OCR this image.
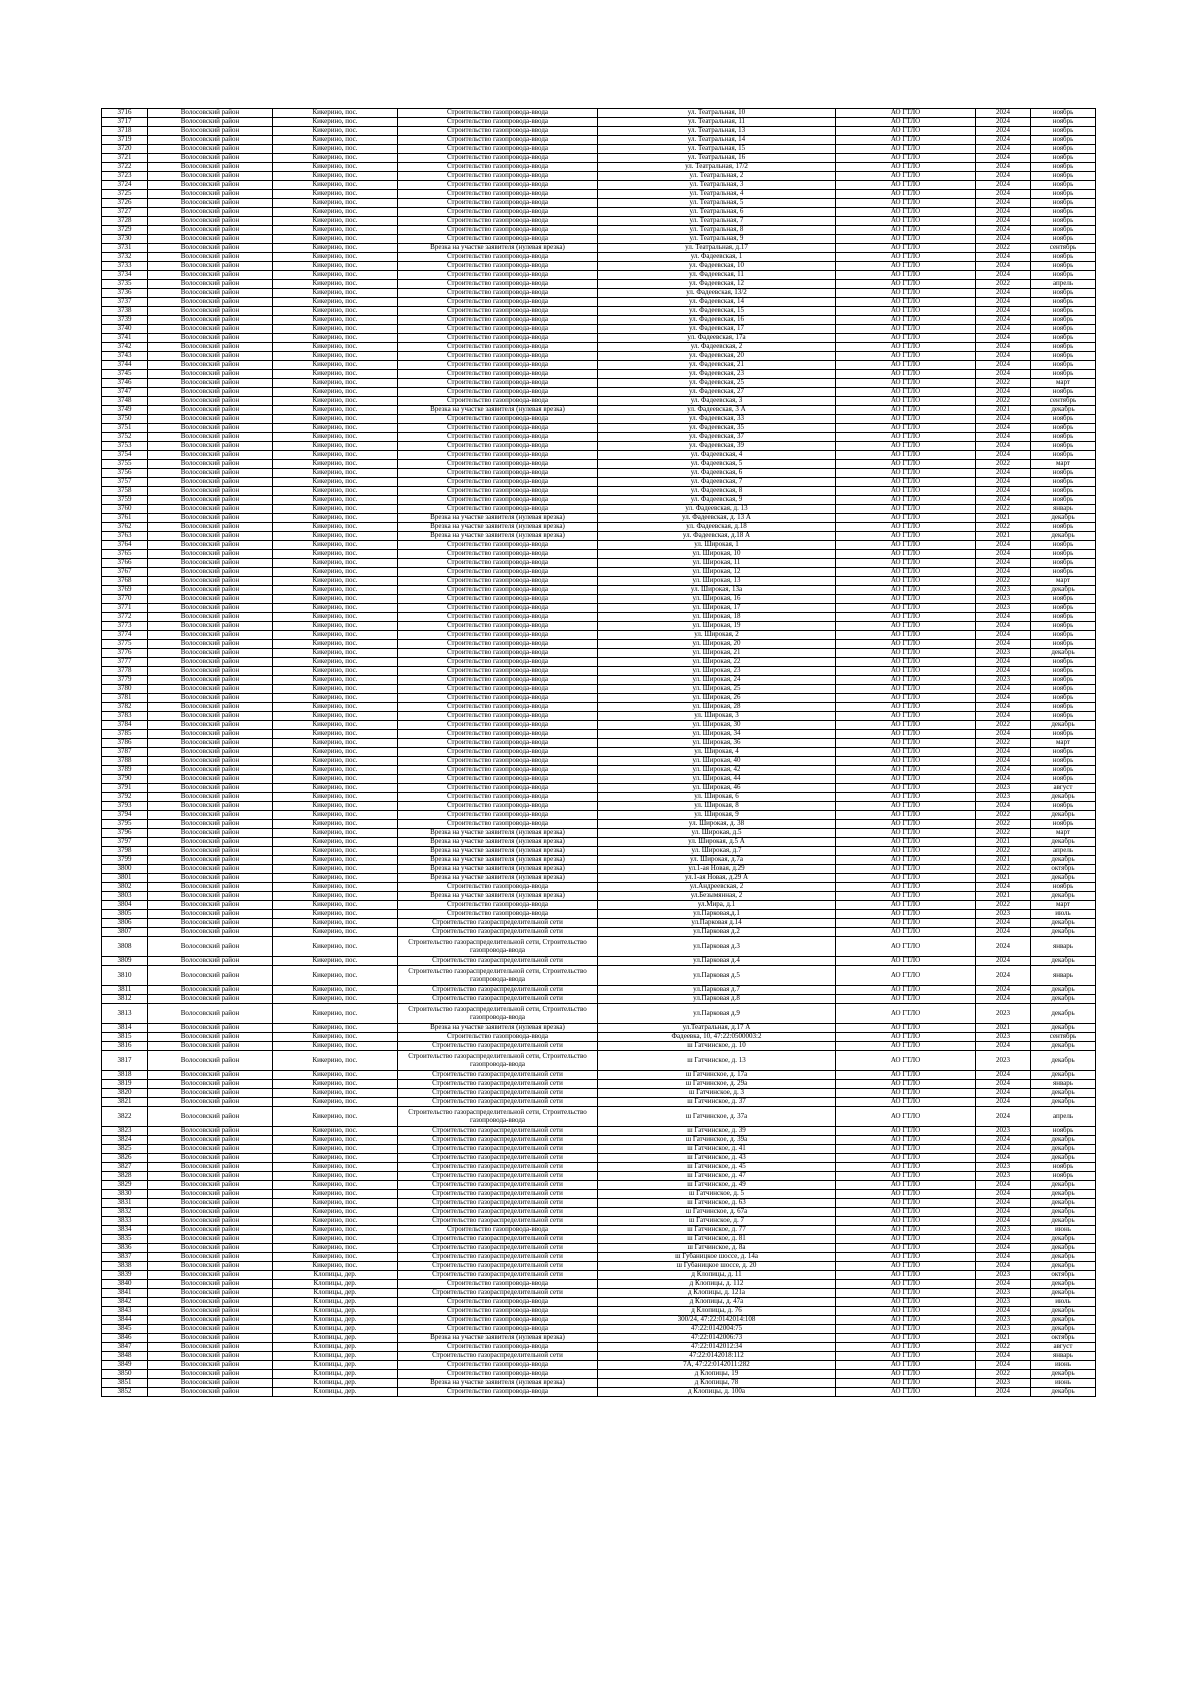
3716	Волосовский район	Кикерино, пос.	Строительство газопровода-ввода	ул. Театральная, 10	АО ГТЛО	2024	ноябрь
3717	Волосовский район	Кикерино, пос.	Строительство газопровода-ввода	ул. Театральная, 11	АО ГТЛО	2024	ноябрь
3718	Волосовский район	Кикерино, пос.	Строительство газопровода-ввода	ул. Театральная, 13	АО ГТЛО	2024	ноябрь
3719	Волосовский район	Кикерино, пос.	Строительство газопровода-ввода	ул. Театральная, 14	АО ГТЛО	2024	ноябрь
3720	Волосовский район	Кикерино, пос.	Строительство газопровода-ввода	ул. Театральная, 15	АО ГТЛО	2024	ноябрь
3721	Волосовский район	Кикерино, пос.	Строительство газопровода-ввода	ул. Театральная, 16	АО ГТЛО	2024	ноябрь
3722	Волосовский район	Кикерино, пос.	Строительство газопровода-ввода	ул. Театральная, 17/2	АО ГТЛО	2024	ноябрь
3723	Волосовский район	Кикерино, пос.	Строительство газопровода-ввода	ул. Театральная, 2	АО ГТЛО	2024	ноябрь
3724	Волосовский район	Кикерино, пос.	Строительство газопровода-ввода	ул. Театральная, 3	АО ГТЛО	2024	ноябрь
3725	Волосовский район	Кикерино, пос.	Строительство газопровода-ввода	ул. Театральная, 4	АО ГТЛО	2024	ноябрь
3726	Волосовский район	Кикерино, пос.	Строительство газопровода-ввода	ул. Театральная, 5	АО ГТЛО	2024	ноябрь
3727	Волосовский район	Кикерино, пос.	Строительство газопровода-ввода	ул. Театральная, 6	АО ГТЛО	2024	ноябрь
3728	Волосовский район	Кикерино, пос.	Строительство газопровода-ввода	ул. Театральная, 7	АО ГТЛО	2024	ноябрь
3729	Волосовский район	Кикерино, пос.	Строительство газопровода-ввода	ул. Театральная, 8	АО ГТЛО	2024	ноябрь
3730	Волосовский район	Кикерино, пос.	Строительство газопровода-ввода	ул. Театральная, 9	АО ГТЛО	2024	ноябрь
3731	Волосовский район	Кикерино, пос.	Врезка на участке заявителя (нулевая врезка)	ул. Театральная, д.17	АО ГТЛО	2022	сентябрь
3732	Волосовский район	Кикерино, пос.	Строительство газопровода-ввода	ул. Фадеевская, 1	АО ГТЛО	2024	ноябрь
3733	Волосовский район	Кикерино, пос.	Строительство газопровода-ввода	ул. Фадеевская, 10	АО ГТЛО	2024	ноябрь
3734	Волосовский район	Кикерино, пос.	Строительство газопровода-ввода	ул. Фадеевская, 11	АО ГТЛО	2024	ноябрь
3735	Волосовский район	Кикерино, пос.	Строительство газопровода-ввода	ул. Фадеевская, 12	АО ГТЛО	2022	апрель
3736	Волосовский район	Кикерино, пос.	Строительство газопровода-ввода	ул. Фадеевская, 13/2	АО ГТЛО	2024	ноябрь
3737	Волосовский район	Кикерино, пос.	Строительство газопровода-ввода	ул. Фадеевская, 14	АО ГТЛО	2024	ноябрь
3738	Волосовский район	Кикерино, пос.	Строительство газопровода-ввода	ул. Фадеевская, 15	АО ГТЛО	2024	ноябрь
3739	Волосовский район	Кикерино, пос.	Строительство газопровода-ввода	ул. Фадеевская, 16	АО ГТЛО	2024	ноябрь
3740	Волосовский район	Кикерино, пос.	Строительство газопровода-ввода	ул. Фадеевская, 17	АО ГТЛО	2024	ноябрь
3741	Волосовский район	Кикерино, пос.	Строительство газопровода-ввода	ул. Фадеевская, 17а	АО ГТЛО	2024	ноябрь
3742	Волосовский район	Кикерино, пос.	Строительство газопровода-ввода	ул. Фадеевская, 2	АО ГТЛО	2024	ноябрь
3743	Волосовский район	Кикерино, пос.	Строительство газопровода-ввода	ул. Фадеевская, 20	АО ГТЛО	2024	ноябрь
3744	Волосовский район	Кикерино, пос.	Строительство газопровода-ввода	ул. Фадеевская, 21	АО ГТЛО	2024	ноябрь
3745	Волосовский район	Кикерино, пос.	Строительство газопровода-ввода	ул. Фадеевская, 23	АО ГТЛО	2024	ноябрь
3746	Волосовский район	Кикерино, пос.	Строительство газопровода-ввода	ул. Фадеевская, 25	АО ГТЛО	2022	март
3747	Волосовский район	Кикерино, пос.	Строительство газопровода-ввода	ул. Фадеевская, 27	АО ГТЛО	2024	ноябрь
3748	Волосовский район	Кикерино, пос.	Строительство газопровода-ввода	ул. Фадеевская, 3	АО ГТЛО	2022	сентябрь
3749	Волосовский район	Кикерино, пос.	Врезка на участке заявителя (нулевая врезка)	ул. Фадеевская, 3 А	АО ГТЛО	2021	декабрь
3750	Волосовский район	Кикерино, пос.	Строительство газопровода-ввода	ул. Фадеевская, 33	АО ГТЛО	2024	ноябрь
3751	Волосовский район	Кикерино, пос.	Строительство газопровода-ввода	ул. Фадеевская, 35	АО ГТЛО	2024	ноябрь
3752	Волосовский район	Кикерино, пос.	Строительство газопровода-ввода	ул. Фадеевская, 37	АО ГТЛО	2024	ноябрь
3753	Волосовский район	Кикерино, пос.	Строительство газопровода-ввода	ул. Фадеевская, 39	АО ГТЛО	2024	ноябрь
3754	Волосовский район	Кикерино, пос.	Строительство газопровода-ввода	ул. Фадеевская, 4	АО ГТЛО	2024	ноябрь
3755	Волосовский район	Кикерино, пос.	Строительство газопровода-ввода	ул. Фадеевская, 5	АО ГТЛО	2022	март
3756	Волосовский район	Кикерино, пос.	Строительство газопровода-ввода	ул. Фадеевская, 6	АО ГТЛО	2024	ноябрь
3757	Волосовский район	Кикерино, пос.	Строительство газопровода-ввода	ул. Фадеевская, 7	АО ГТЛО	2024	ноябрь
3758	Волосовский район	Кикерино, пос.	Строительство газопровода-ввода	ул. Фадеевская, 8	АО ГТЛО	2024	ноябрь
3759	Волосовский район	Кикерино, пос.	Строительство газопровода-ввода	ул. Фадеевская, 9	АО ГТЛО	2024	ноябрь
3760	Волосовский район	Кикерино, пос.	Строительство газопровода-ввода	ул. Фадеевская, д. 13	АО ГТЛО	2022	январь
3761	Волосовский район	Кикерино, пос.	Врезка на участке заявителя (нулевая врезка)	ул. Фадеевская, д. 13 А	АО ГТЛО	2021	декабрь
3762	Волосовский район	Кикерино, пос.	Врезка на участке заявителя (нулевая врезка)	ул. Фадеевская, д.18	АО ГТЛО	2022	ноябрь
3763	Волосовский район	Кикерино, пос.	Врезка на участке заявителя (нулевая врезка)	ул. Фадеевская, д.18 А	АО ГТЛО	2021	декабрь
3764	Волосовский район	Кикерино, пос.	Строительство газопровода-ввода	ул. Широкая, 1	АО ГТЛО	2024	ноябрь
3765	Волосовский район	Кикерино, пос.	Строительство газопровода-ввода	ул. Широкая, 10	АО ГТЛО	2024	ноябрь
3766	Волосовский район	Кикерино, пос.	Строительство газопровода-ввода	ул. Широкая, 11	АО ГТЛО	2024	ноябрь
3767	Волосовский район	Кикерино, пос.	Строительство газопровода-ввода	ул. Широкая, 12	АО ГТЛО	2024	ноябрь
3768	Волосовский район	Кикерино, пос.	Строительство газопровода-ввода	ул. Широкая, 13	АО ГТЛО	2022	март
3769	Волосовский район	Кикерино, пос.	Строительство газопровода-ввода	ул. Широкая, 13а	АО ГТЛО	2023	декабрь
3770	Волосовский район	Кикерино, пос.	Строительство газопровода-ввода	ул. Широкая, 16	АО ГТЛО	2023	ноябрь
3771	Волосовский район	Кикерино, пос.	Строительство газопровода-ввода	ул. Широкая, 17	АО ГТЛО	2023	ноябрь
3772	Волосовский район	Кикерино, пос.	Строительство газопровода-ввода	ул. Широкая, 18	АО ГТЛО	2024	ноябрь
3773	Волосовский район	Кикерино, пос.	Строительство газопровода-ввода	ул. Широкая, 19	АО ГТЛО	2024	ноябрь
3774	Волосовский район	Кикерино, пос.	Строительство газопровода-ввода	ул. Широкая, 2	АО ГТЛО	2024	ноябрь
3775	Волосовский район	Кикерино, пос.	Строительство газопровода-ввода	ул. Широкая, 20	АО ГТЛО	2024	ноябрь
3776	Волосовский район	Кикерино, пос.	Строительство газопровода-ввода	ул. Широкая, 21	АО ГТЛО	2023	декабрь
3777	Волосовский район	Кикерино, пос.	Строительство газопровода-ввода	ул. Широкая, 22	АО ГТЛО	2024	ноябрь
3778	Волосовский район	Кикерино, пос.	Строительство газопровода-ввода	ул. Широкая, 23	АО ГТЛО	2024	ноябрь
3779	Волосовский район	Кикерино, пос.	Строительство газопровода-ввода	ул. Широкая, 24	АО ГТЛО	2023	ноябрь
3780	Волосовский район	Кикерино, пос.	Строительство газопровода-ввода	ул. Широкая, 25	АО ГТЛО	2024	ноябрь
3781	Волосовский район	Кикерино, пос.	Строительство газопровода-ввода	ул. Широкая, 26	АО ГТЛО	2024	ноябрь
3782	Волосовский район	Кикерино, пос.	Строительство газопровода-ввода	ул. Широкая, 28	АО ГТЛО	2024	ноябрь
3783	Волосовский район	Кикерино, пос.	Строительство газопровода-ввода	ул. Широкая, 3	АО ГТЛО	2024	ноябрь
3784	Волосовский район	Кикерино, пос.	Строительство газопровода-ввода	ул. Широкая, 30	АО ГТЛО	2022	декабрь
3785	Волосовский район	Кикерино, пос.	Строительство газопровода-ввода	ул. Широкая, 34	АО ГТЛО	2024	ноябрь
3786	Волосовский район	Кикерино, пос.	Строительство газопровода-ввода	ул. Широкая, 36	АО ГТЛО	2022	март
3787	Волосовский район	Кикерино, пос.	Строительство газопровода-ввода	ул. Широкая, 4	АО ГТЛО	2024	ноябрь
3788	Волосовский район	Кикерино, пос.	Строительство газопровода-ввода	ул. Широкая, 40	АО ГТЛО	2024	ноябрь
3789	Волосовский район	Кикерино, пос.	Строительство газопровода-ввода	ул. Широкая, 42	АО ГТЛО	2024	ноябрь
3790	Волосовский район	Кикерино, пос.	Строительство газопровода-ввода	ул. Широкая, 44	АО ГТЛО	2024	ноябрь
3791	Волосовский район	Кикерино, пос.	Строительство газопровода-ввода	ул. Широкая, 46	АО ГТЛО	2023	август
3792	Волосовский район	Кикерино, пос.	Строительство газопровода-ввода	ул. Широкая, 6	АО ГТЛО	2023	декабрь
3793	Волосовский район	Кикерино, пос.	Строительство газопровода-ввода	ул. Широкая, 8	АО ГТЛО	2024	ноябрь
3794	Волосовский район	Кикерино, пос.	Строительство газопровода-ввода	ул. Широкая, 9	АО ГТЛО	2022	декабрь
3795	Волосовский район	Кикерино, пос.	Строительство газопровода-ввода	ул. Широкая, д. 38	АО ГТЛО	2022	ноябрь
3796	Волосовский район	Кикерино, пос.	Врезка на участке заявителя (нулевая врезка)	ул. Широкая, д.5	АО ГТЛО	2022	март
3797	Волосовский район	Кикерино, пос.	Врезка на участке заявителя (нулевая врезка)	ул. Широкая, д.5 А	АО ГТЛО	2021	декабрь
3798	Волосовский район	Кикерино, пос.	Врезка на участке заявителя (нулевая врезка)	ул. Широкая, д.7	АО ГТЛО	2022	апрель
3799	Волосовский район	Кикерино, пос.	Врезка на участке заявителя (нулевая врезка)	ул. Широкая, д.7а	АО ГТЛО	2021	декабрь
3800	Волосовский район	Кикерино, пос.	Врезка на участке заявителя (нулевая врезка)	ул.1-ая Новая, д.29	АО ГТЛО	2022	октябрь
3801	Волосовский район	Кикерино, пос.	Врезка на участке заявителя (нулевая врезка)	ул.1-ая Новая, д.29 А	АО ГТЛО	2021	декабрь
3802	Волосовский район	Кикерино, пос.	Строительство газопровода-ввода	ул.Андреевская, 2	АО ГТЛО	2024	ноябрь
3803	Волосовский район	Кикерино, пос.	Врезка на участке заявителя (нулевая врезка)	ул.Безымянная, 2	АО ГТЛО	2021	декабрь
3804	Волосовский район	Кикерино, пос.	Строительство газопровода-ввода	ул.Мира, д.1	АО ГТЛО	2022	март
3805	Волосовский район	Кикерино, пос.	Строительство газопровода-ввода	ул.Парковая,д.1	АО ГТЛО	2023	июль
3806	Волосовский район	Кикерино, пос.	Строительство газораспределительной сети	ул.Парковая д.14	АО ГТЛО	2024	декабрь
3807	Волосовский район	Кикерино, пос.	Строительство газораспределительной сети	ул.Парковая д.2	АО ГТЛО	2024	декабрь
3808	Волосовский район	Кикерино, пос.	Строительство газораспределительной сети, Строительство газопровода-ввода	ул.Парковая д.3	АО ГТЛО	2024	январь
3809	Волосовский район	Кикерино, пос.	Строительство газораспределительной сети	ул.Парковая д.4	АО ГТЛО	2024	декабрь
3810	Волосовский район	Кикерино, пос.	Строительство газораспределительной сети, Строительство газопровода-ввода	ул.Парковая д.5	АО ГТЛО	2024	январь
3811	Волосовский район	Кикерино, пос.	Строительство газораспределительной сети	ул.Парковая д.7	АО ГТЛО	2024	декабрь
3812	Волосовский район	Кикерино, пос.	Строительство газораспределительной сети	ул.Парковая д.8	АО ГТЛО	2024	декабрь
3813	Волосовский район	Кикерино, пос.	Строительство газораспределительной сети, Строительство газопровода-ввода	ул.Парковая д.9	АО ГТЛО	2023	декабрь
3814	Волосовский район	Кикерино, пос.	Врезка на участке заявителя (нулевая врезка)	ул.Театральная, д.17 А	АО ГТЛО	2021	декабрь
3815	Волосовский район	Кикерино, пос.	Строительство газопровода-ввода	Фадеевка, 10, 47:22:0500003:2	АО ГТЛО	2023	сентябрь
3816	Волосовский район	Кикерино, пос.	Строительство газораспределительной сети	ш Гатчинское, д. 10	АО ГТЛО	2024	декабрь
3817	Волосовский район	Кикерино, пос.	Строительство газораспределительной сети, Строительство газопровода-ввода	ш Гатчинское, д. 13	АО ГТЛО	2023	декабрь
3818	Волосовский район	Кикерино, пос.	Строительство газораспределительной сети	ш Гатчинское, д. 17а	АО ГТЛО	2024	декабрь
3819	Волосовский район	Кикерино, пос.	Строительство газораспределительной сети	ш Гатчинское, д. 29а	АО ГТЛО	2024	январь
3820	Волосовский район	Кикерино, пос.	Строительство газораспределительной сети	ш Гатчинское, д. 3	АО ГТЛО	2024	декабрь
3821	Волосовский район	Кикерино, пос.	Строительство газораспределительной сети	ш Гатчинское, д. 37	АО ГТЛО	2024	декабрь
3822	Волосовский район	Кикерино, пос.	Строительство газораспределительной сети, Строительство газопровода-ввода	ш Гатчинское, д. 37а	АО ГТЛО	2024	апрель
3823	Волосовский район	Кикерино, пос.	Строительство газораспределительной сети	ш Гатчинское, д. 39	АО ГТЛО	2023	ноябрь
3824	Волосовский район	Кикерино, пос.	Строительство газораспределительной сети	ш Гатчинское, д. 39а	АО ГТЛО	2024	декабрь
3825	Волосовский район	Кикерино, пос.	Строительство газораспределительной сети	ш Гатчинское, д. 41	АО ГТЛО	2024	декабрь
3826	Волосовский район	Кикерино, пос.	Строительство газораспределительной сети	ш Гатчинское, д. 43	АО ГТЛО	2024	декабрь
3827	Волосовский район	Кикерино, пос.	Строительство газораспределительной сети	ш Гатчинское, д. 45	АО ГТЛО	2023	ноябрь
3828	Волосовский район	Кикерино, пос.	Строительство газораспределительной сети	ш Гатчинское, д. 47	АО ГТЛО	2023	ноябрь
3829	Волосовский район	Кикерино, пос.	Строительство газораспределительной сети	ш Гатчинское, д. 49	АО ГТЛО	2024	декабрь
3830	Волосовский район	Кикерино, пос.	Строительство газораспределительной сети	ш Гатчинское, д. 5	АО ГТЛО	2024	декабрь
3831	Волосовский район	Кикерино, пос.	Строительство газораспределительной сети	ш Гатчинское, д. 63	АО ГТЛО	2024	декабрь
3832	Волосовский район	Кикерино, пос.	Строительство газораспределительной сети	ш Гатчинское, д. 67а	АО ГТЛО	2024	декабрь
3833	Волосовский район	Кикерино, пос.	Строительство газораспределительной сети	ш Гатчинское, д. 7	АО ГТЛО	2024	декабрь
3834	Волосовский район	Кикерино, пос.	Строительство газопровода-ввода	ш Гатчинское, д. 77	АО ГТЛО	2023	июнь
3835	Волосовский район	Кикерино, пос.	Строительство газораспределительной сети	ш Гатчинское, д. 81	АО ГТЛО	2024	декабрь
3836	Волосовский район	Кикерино, пос.	Строительство газораспределительной сети	ш Гатчинское, д. 8а	АО ГТЛО	2024	декабрь
3837	Волосовский район	Кикерино, пос.	Строительство газораспределительной сети	ш Губаницкое шоссе, д. 14а	АО ГТЛО	2024	декабрь
3838	Волосовский район	Кикерино, пос.	Строительство газораспределительной сети	ш Губаницкое шоссе, д. 20	АО ГТЛО	2024	декабрь
3839	Волосовский район	Клопицы, дер.	Строительство газораспределительной сети	д Клопицы, д. 11	АО ГТЛО	2023	октябрь
3840	Волосовский район	Клопицы, дер.	Строительство газопровода-ввода	д Клопицы, д. 112	АО ГТЛО	2024	декабрь
3841	Волосовский район	Клопицы, дер.	Строительство газораспределительной сети	д Клопицы, д. 121а	АО ГТЛО	2023	декабрь
3842	Волосовский район	Клопицы, дер.	Строительство газопровода-ввода	д Клопицы, д. 47а	АО ГТЛО	2023	июль
3843	Волосовский район	Клопицы, дер.	Строительство газопровода-ввода	д Клопицы, д. 76	АО ГТЛО	2024	декабрь
3844	Волосовский район	Клопицы, дер.	Строительство газопровода-ввода	300/24, 47:22:0142014:108	АО ГТЛО	2023	декабрь
3845	Волосовский район	Клопицы, дер.	Строительство газопровода-ввода	47:22:0142004:75	АО ГТЛО	2023	декабрь
3846	Волосовский район	Клопицы, дер.	Врезка на участке заявителя (нулевая врезка)	47:22:0142006:73	АО ГТЛО	2021	октябрь
3847	Волосовский район	Клопицы, дер.	Строительство газопровода-ввода	47:22:0142012:34	АО ГТЛО	2022	август
3848	Волосовский район	Клопицы, дер.	Строительство газораспределительной сети	47:22:0142018:112	АО ГТЛО	2024	январь
3849	Волосовский район	Клопицы, дер.	Строительство газопровода-ввода	7А, 47:22:0142011:282	АО ГТЛО	2024	июнь
3850	Волосовский район	Клопицы, дер.	Строительство газопровода-ввода	д Клопицы, 19	АО ГТЛО	2022	декабрь
3851	Волосовский район	Клопицы, дер.	Врезка на участке заявителя (нулевая врезка)	д Клопицы, 78	АО ГТЛО	2023	июнь
3852	Волосовский район	Клопицы, дер.	Строительство газопровода-ввода	д Клопицы, д. 100а	АО ГТЛО	2024	декабрь
